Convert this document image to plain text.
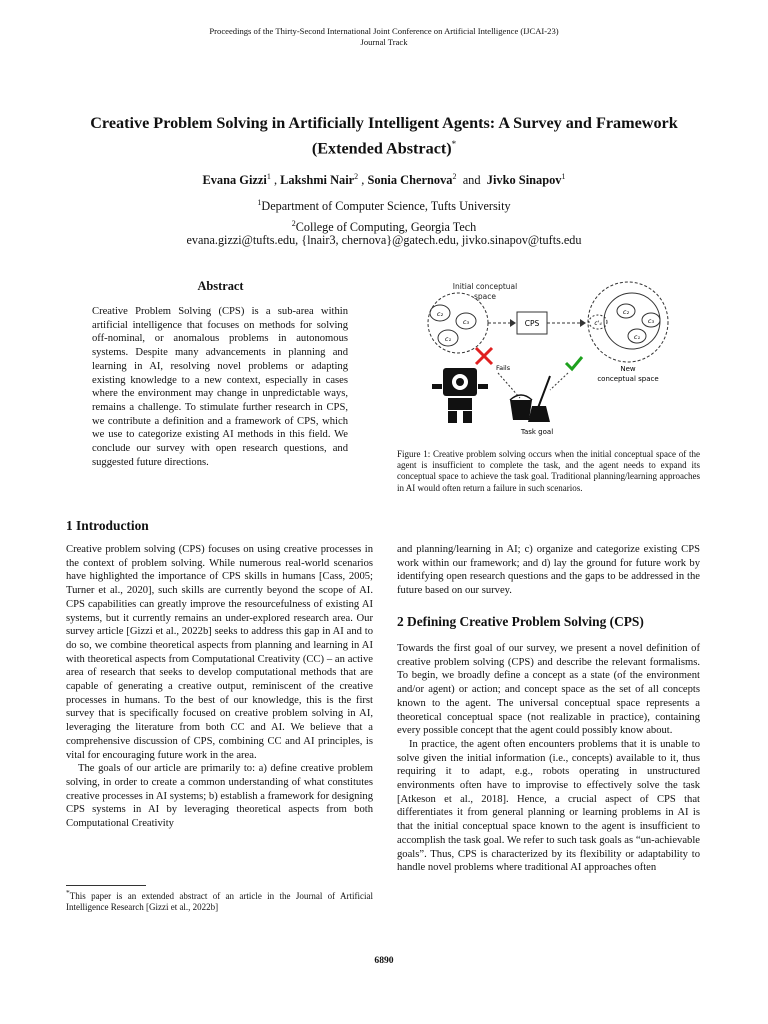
Proceedings of the Thirty-Second International Joint Conference on Artificial Intelligence (IJCAI-23)
Journal Track
Creative Problem Solving in Artificially Intelligent Agents: A Survey and Framework (Extended Abstract)*
Evana Gizzi$^1$ , Lakshmi Nair$^2$ , Sonia Chernova$^2$ and Jivko Sinapov$^1$
$^1$Department of Computer Science, Tufts University
$^2$College of Computing, Georgia Tech
evana.gizzi@tufts.edu, {lnair3, chernova}@gatech.edu, jivko.sinapov@tufts.edu
Abstract
Creative Problem Solving (CPS) is a sub-area within artificial intelligence that focuses on methods for solving off-nominal, or anomalous problems in autonomous systems. Despite many advancements in planning and learning in AI, resolving novel problems or adapting existing knowledge to a new context, especially in cases where the environment may change in unpredictable ways, remains a challenge. To stimulate further research in CPS, we contribute a definition and a framework of CPS, which we use to categorize existing AI methods in this field. We conclude our survey with open research questions, and suggested future directions.
Initial conceptual
space
c₂
c₃
c₁
CPS	c'₄
c₂
c₃
c₁
Fails	New
conceptual space
Task goal
Figure 1: Creative problem solving occurs when the initial conceptual space of the agent is insufficient to complete the task, and the agent needs to expand its conceptual space to achieve the task goal. Traditional planning/learning approaches in AI would often return a failure in such scenarios.
1 Introduction

Creative problem solving (CPS) focuses on using creative processes in the context of problem solving. While numerous real-world scenarios have highlighted the importance of CPS skills in humans [Cass, 2005; Turner et al., 2020], such skills are currently beyond the scope of AI. CPS capabilities can greatly improve the resourcefulness of existing AI systems, but it currently remains an under-explored research area. Our survey article [Gizzi et al., 2022b] seeks to address this gap in AI and to do so, we combine theoretical aspects from planning and learning in AI with theoretical aspects from Computational Creativity (CC) – an active area of research that seeks to develop computational methods that are capable of generating a creative output, reminiscent of the creative processes in humans. To the best of our knowledge, this is the first survey that is specifically focused on creative problem solving in AI, leveraging the literature from both CC and AI. We believe that a comprehensive discussion of CPS, combining CC and AI principles, is vital for encouraging future work in the area.

The goals of our article are primarily to: a) define creative problem solving, in order to create a common understanding of what constitutes creative processes in AI systems; b) establish a framework for designing CPS systems in AI by leveraging theoretical aspects from both Computational Creativity

*This paper is an extended abstract of an article in the Journal of Artificial Intelligence Research [Gizzi et al., 2022b]
and planning/learning in AI; c) organize and categorize existing CPS work within our framework; and d) lay the ground for future work by identifying open research questions and the gaps to be addressed in the future based on our survey.
2 Defining Creative Problem Solving (CPS)

Towards the first goal of our survey, we present a novel definition of creative problem solving (CPS) and describe the relevant formalisms. To begin, we broadly define a concept as a state (of the environment and/or agent) or action; and concept space as the set of all concepts known to the agent. The universal conceptual space represents a theoretical conceptual space (not realizable in practice), containing every possible concept that the agent could possibly know about.

In practice, the agent often encounters problems that it is unable to solve given the initial information (i.e., concepts) available to it, thus requiring it to adapt, e.g., robots operating in unstructured environments often have to improvise to effectively solve the task [Atkeson et al., 2018]. Hence, a crucial aspect of CPS that differentiates it from general planning or learning problems in AI is that the initial conceptual space known to the agent is insufficient to accomplish the task goal. We refer to such task goals as “un-achievable goals”. Thus, CPS is characterized by its flexibility or adaptability to handle novel problems where traditional AI approaches often

6890
